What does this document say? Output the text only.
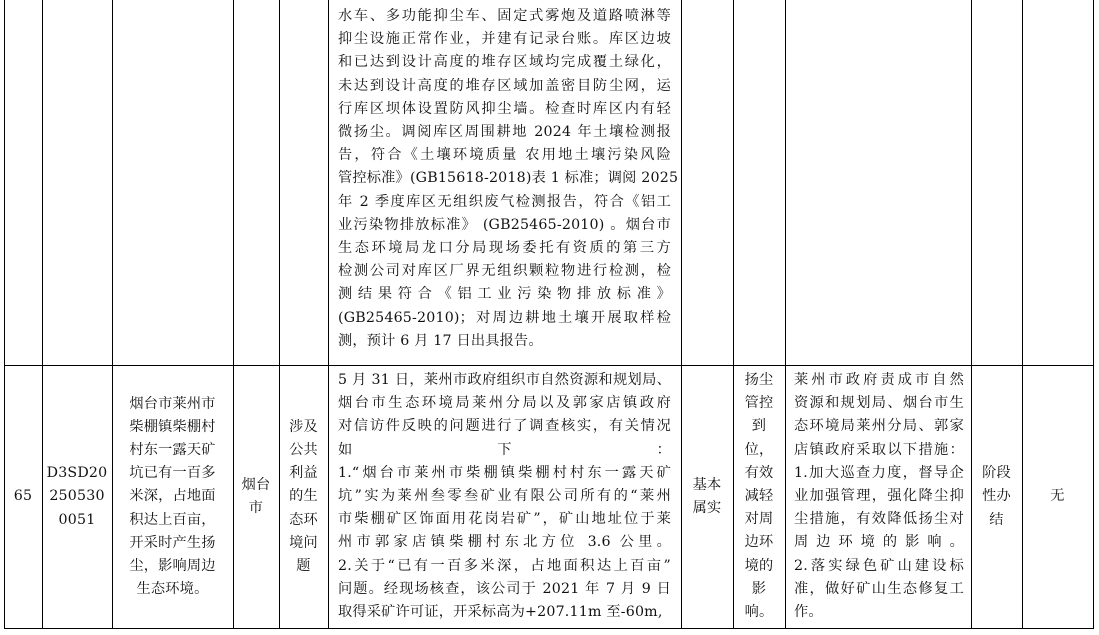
水车、多功能抑尘车、固定式雾炮及道路喷淋等

抑尘设施正常作业，并建有记录台账。库区边坡

和已达到设计高度的堆存区域均完成覆土绿化，

未达到设计高度的堆存区域加盖密目防尘网，运

行库区坝体设置防风抑尘墙。检查时库区内有轻

微扬尘。调阅库区周围耕地 2024 年土壤检测报

告，符合《土壤环境质量 农用地土壤污染风险

管控标准》(GB15618-2018)表 1 标准；调阅 2025

年 2 季度库区无组织废气检测报告，符合《铝工

业污染物排放标准》 (GB25465-2010) 。烟台市

生态环境局龙口分局现场委托有资质的第三方

检测公司对库区厂界无组织颗粒物进行检测，检

测结果符合《铝工业污染物排放标准》

(GB25465-2010)；对周边耕地土壤开展取样检

测，预计 6 月 17 日出具报告。

65

D3SD20

250530

0051

烟台市莱州市

柴棚镇柴棚村

村东一露天矿

坑已有一百多

米深，占地面

积达上百亩，

开采时产生扬

尘，影响周边

生态环境。

烟台

市

涉及

公共

利益

的生

态环

境问

题

5 月 31 日，莱州市政府组织市自然资源和规划局、

烟台市生态环境局莱州分局以及郭家店镇政府

对信访件反映的问题进行了调查核实，有关情况

如下：

1.“烟台市莱州市柴棚镇柴棚村村东一露天矿

坑”实为莱州叁零叁矿业有限公司所有的“莱州

市柴棚矿区饰面用花岗岩矿”，矿山地址位于莱

州市郭家店镇柴棚村东北方位 3.6 公里。

2.关于“已有一百多米深，占地面积达上百亩”

问题。经现场核查，该公司于 2021 年 7 月 9 日

取得采矿许可证，开采标高为+207.11m 至-60m,

基本

属实

扬尘

管控

到

位，

有效

减轻

对周

边环

境的

影

响。

莱州市政府责成市自然

资源和规划局、烟台市生

态环境局莱州分局、郭家

店镇政府采取以下措施：

1.加大巡查力度，督导企

业加强管理，强化降尘抑

尘措施，有效降低扬尘对

周边环境的影响。

2.落实绿色矿山建设标

准，做好矿山生态修复工

作。

阶段

性办

结

无
